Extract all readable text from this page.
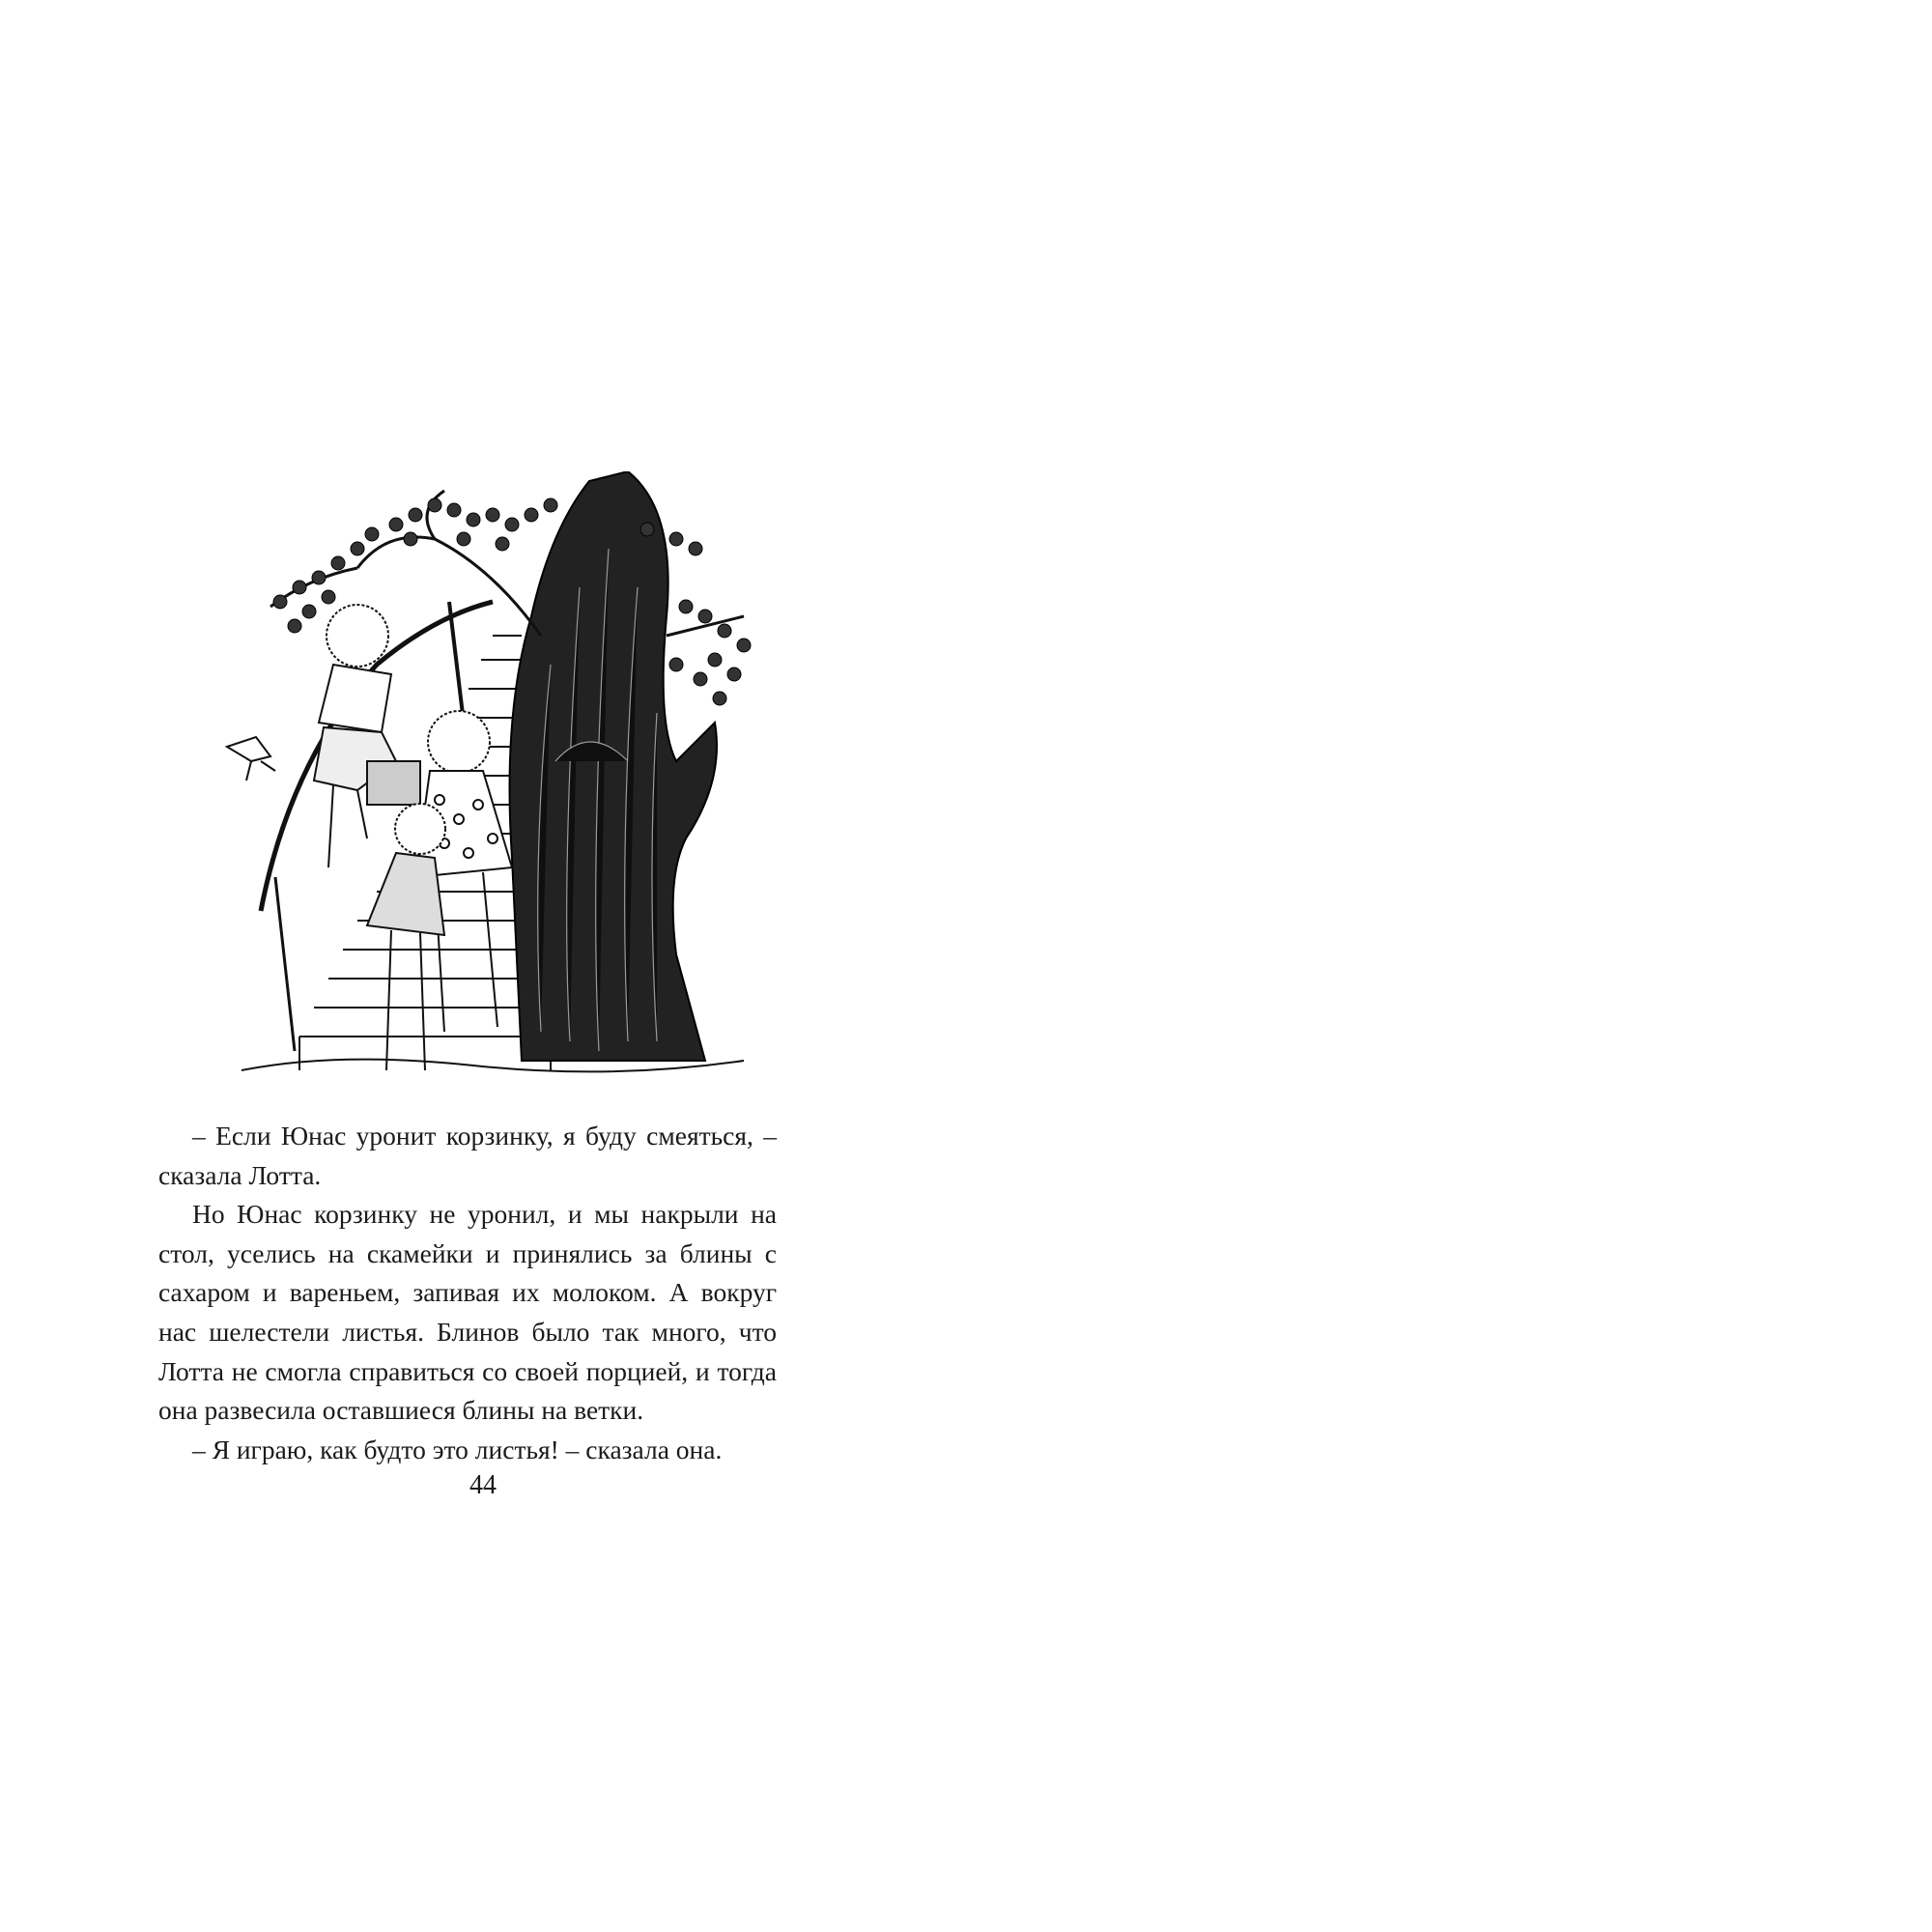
– Если Юнас уронит корзинку, я буду смеяться, – сказала Лотта.

Но Юнас корзинку не уронил, и мы накрыли на стол, уселись на скамейки и принялись за блины с сахаром и вареньем, запивая их молоком. А вокруг нас шелестели листья. Блинов было так много, что Лотта не смогла справиться со своей порцией, и тогда она развесила оставшиеся блины на ветки.

– Я играю, как будто это листья! – сказала она.

44
